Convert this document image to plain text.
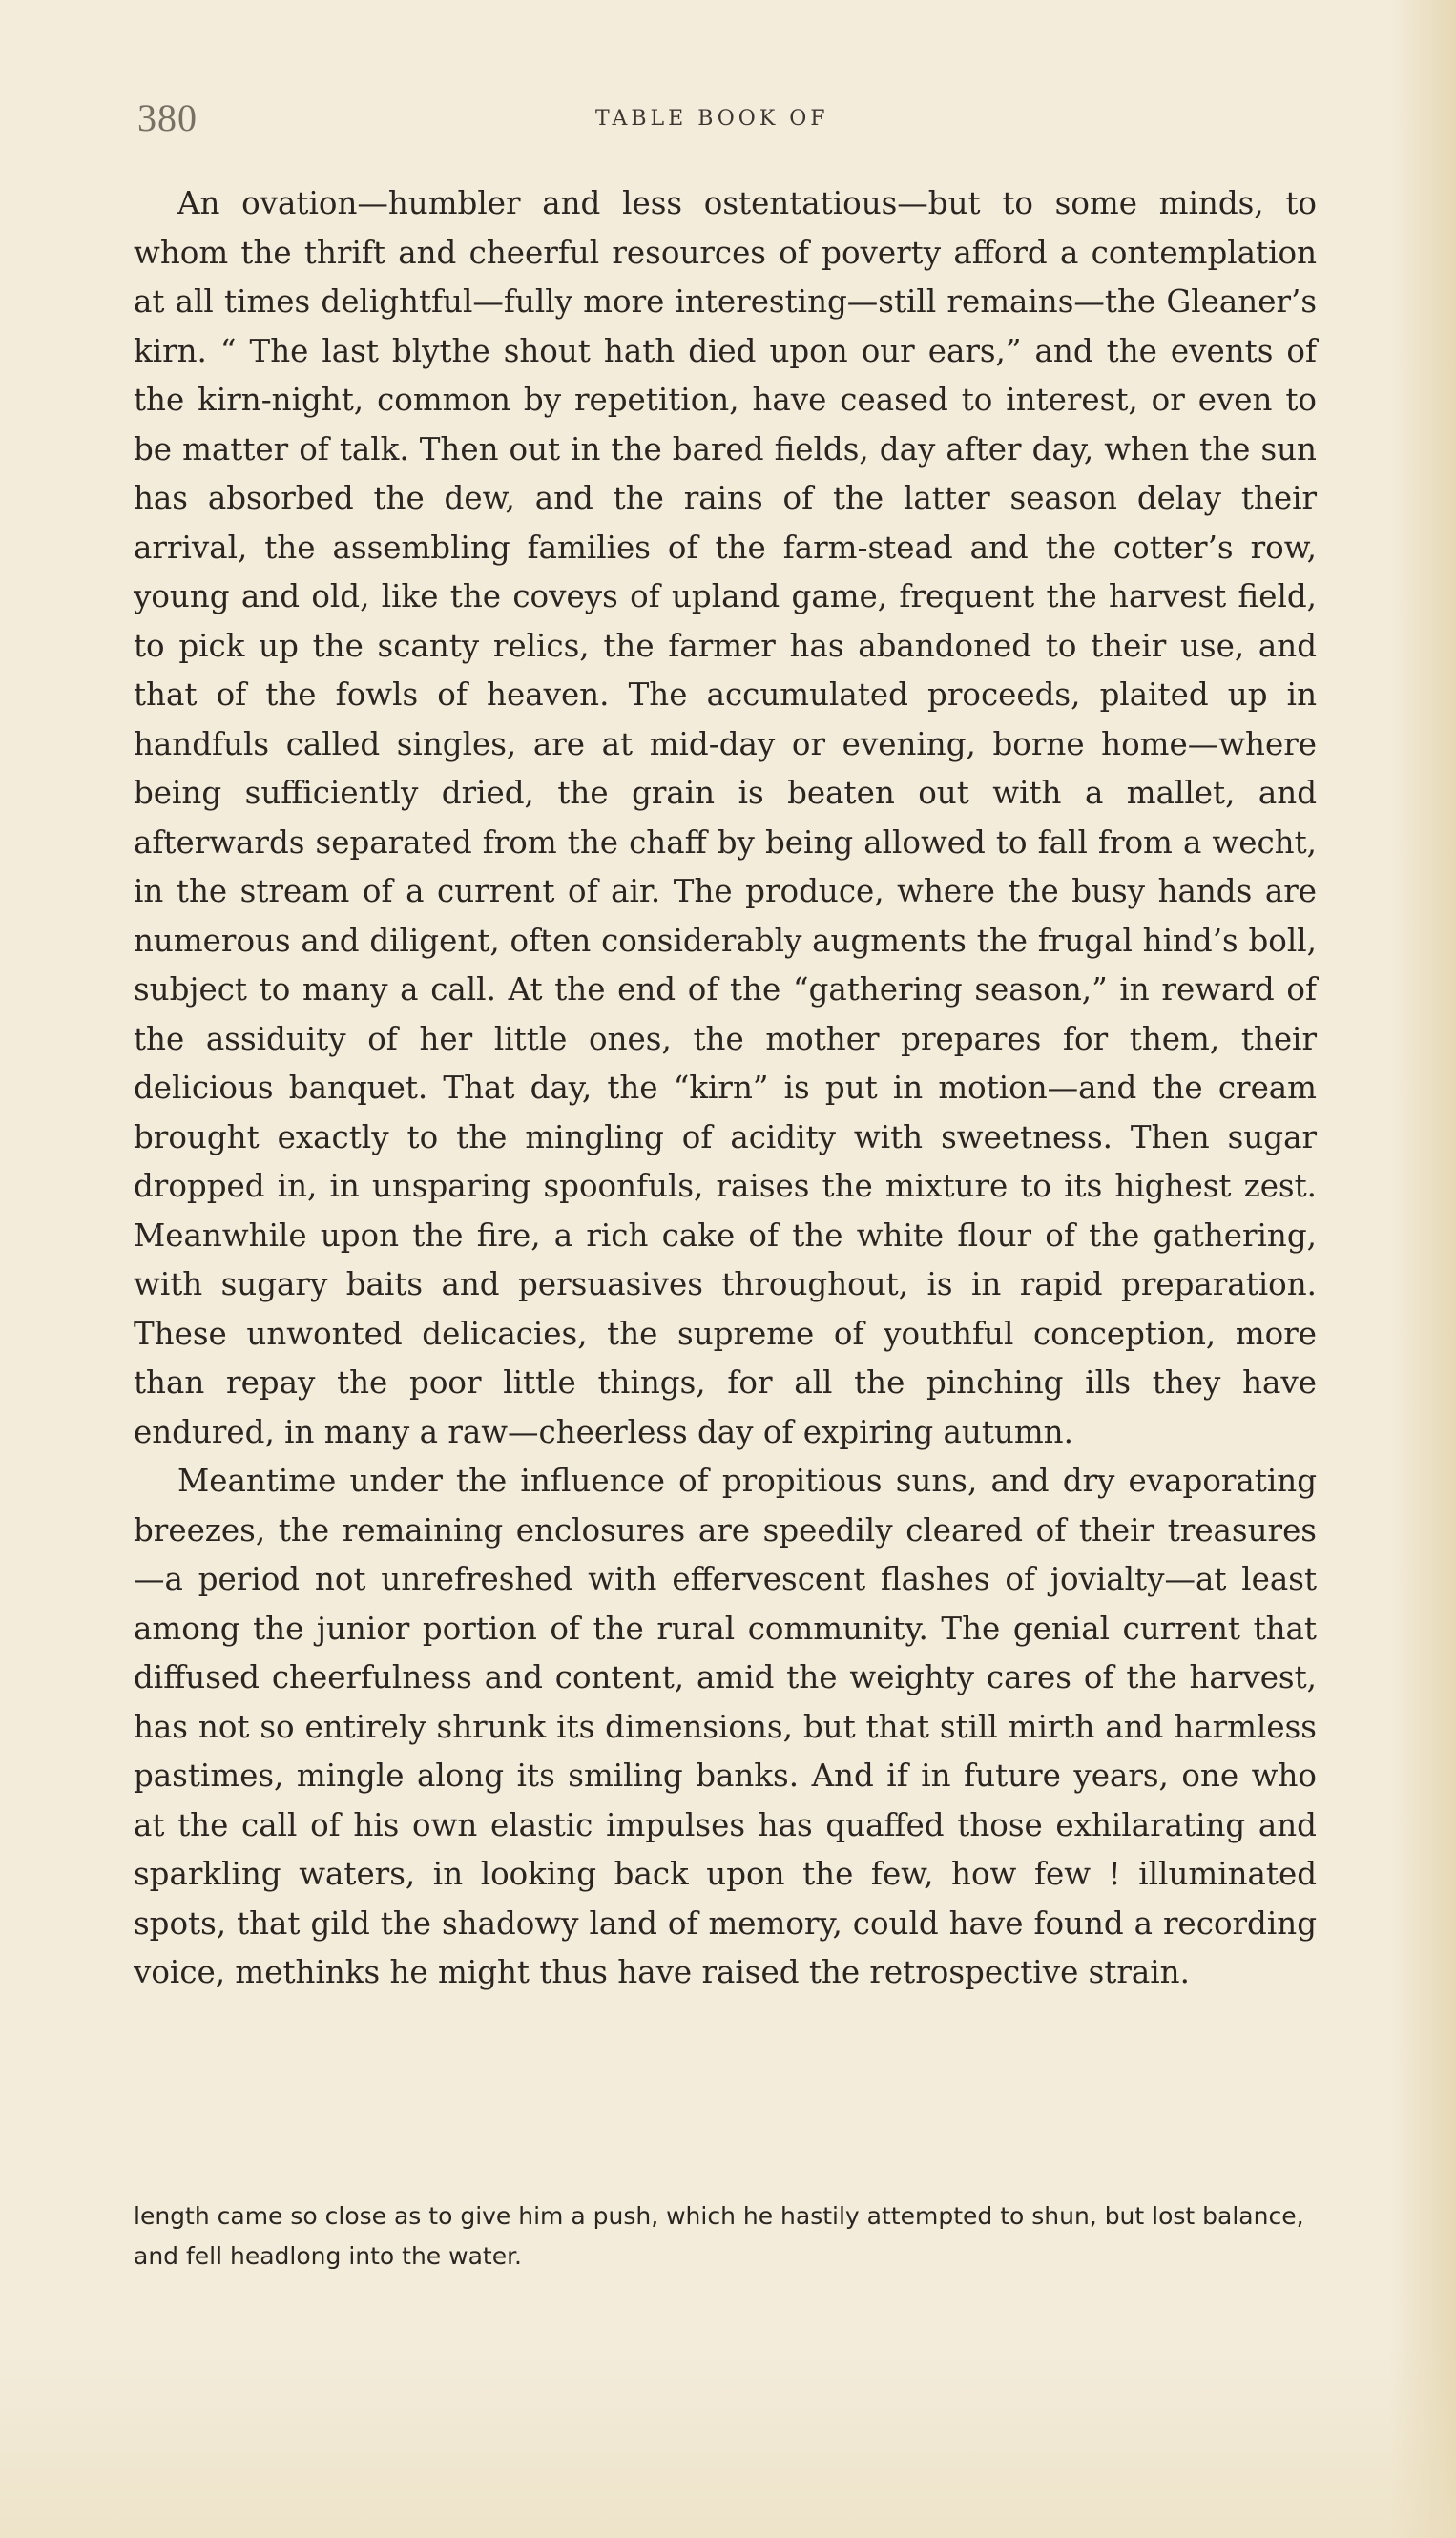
380	TABLE BOOK OF

An ovation—humbler and less ostentatious—but to some minds, to whom the thrift and cheerful resources of poverty afford a contemplation at all times delightful—fully more interesting—still remains—the Gleaner’s kirn. “ The last blythe shout hath died upon our ears,” and the events of the kirn-night, common by repetition, have ceased to interest, or even to be matter of talk. Then out in the bared fields, day after day, when the sun has absorbed the dew, and the rains of the latter season delay their arrival, the assembling families of the farm-stead and the cotter’s row, young and old, like the coveys of upland game, frequent the harvest field, to pick up the scanty relics, the farmer has abandoned to their use, and that of the fowls of heaven. The accumulated proceeds, plaited up in handfuls called singles, are at mid-day or evening, borne home—where being sufficiently dried, the grain is beaten out with a mallet, and afterwards separated from the chaff by being allowed to fall from a wecht, in the stream of a current of air. The produce, where the busy hands are numerous and diligent, often considerably augments the frugal hind’s boll, subject to many a call. At the end of the “gathering season,” in reward of the assiduity of her little ones, the mother prepares for them, their delicious banquet. That day, the “kirn” is put in motion—and the cream brought exactly to the mingling of acidity with sweetness. Then sugar dropped in, in unsparing spoonfuls, raises the mixture to its highest zest. Meanwhile upon the fire, a rich cake of the white flour of the gathering, with sugary baits and persuasives throughout, is in rapid preparation. These unwonted delicacies, the supreme of youthful conception, more than repay the poor little things, for all the pinching ills they have endured, in many a raw—cheerless day of expiring autumn.

Meantime under the influence of propitious suns, and dry evaporating breezes, the remaining enclosures are speedily cleared of their treasures—a period not unrefreshed with effervescent flashes of jovialty—at least among the junior portion of the rural community. The genial current that diffused cheerfulness and content, amid the weighty cares of the harvest, has not so entirely shrunk its dimensions, but that still mirth and harmless pastimes, mingle along its smiling banks. And if in future years, one who at the call of his own elastic impulses has quaffed those exhilarating and sparkling waters, in looking back upon the few, how few ! illuminated spots, that gild the shadowy land of memory, could have found a recording voice, methinks he might thus have raised the retrospective strain.

length came so close as to give him a push, which he hastily attempted to shun, but lost balance, and fell headlong into the water.
